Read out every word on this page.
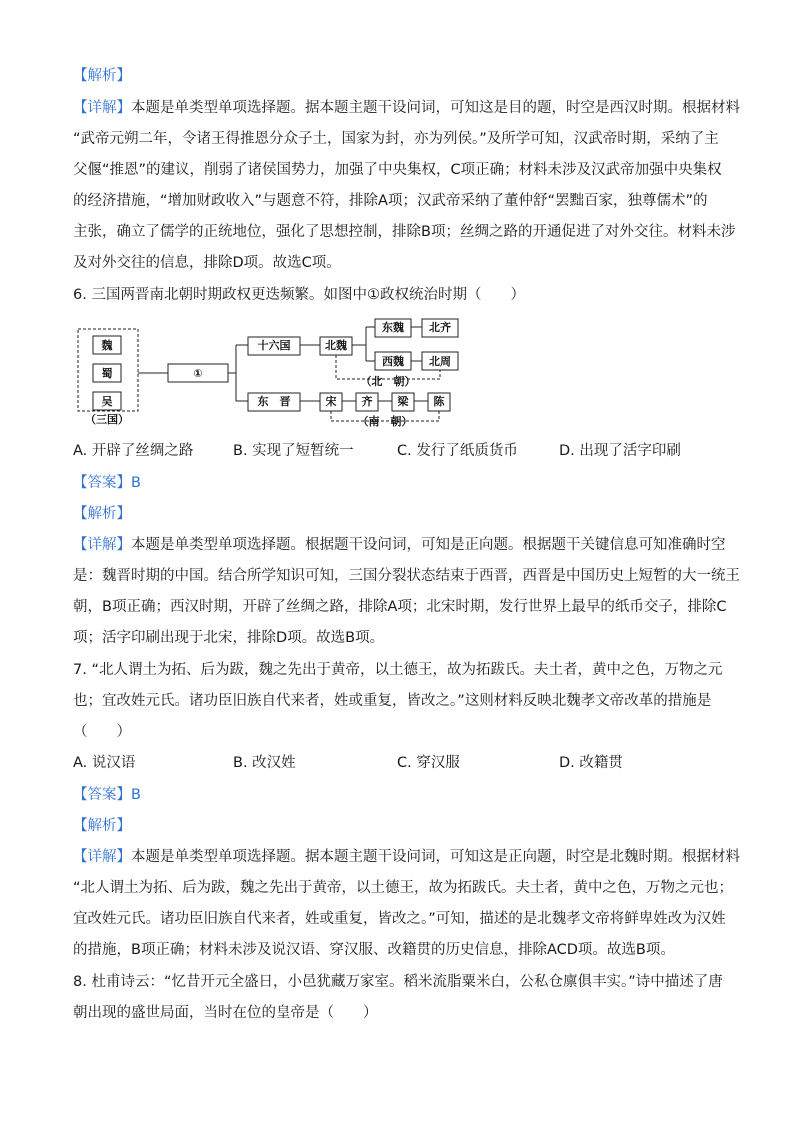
【解析】
【详解】本题是单类型单项选择题。据本题主题干设问词，可知这是目的题，时空是西汉时期。根据材料
“武帝元朔二年，令诸王得推恩分众子土，国家为封，亦为列侯。”及所学可知，汉武帝时期，采纳了主
父偃“推恩”的建议，削弱了诸侯国势力，加强了中央集权，C项正确；材料未涉及汉武帝加强中央集权
的经济措施，“增加财政收入”与题意不符，排除A项；汉武帝采纳了董仲舒“罢黜百家，独尊儒术”的
主张，确立了儒学的正统地位，强化了思想控制，排除B项；丝绸之路的开通促进了对外交往。材料未涉
及对外交往的信息，排除D项。故选C项。
6. 三国两晋南北朝时期政权更迭频繁。如图中①政权统治时期（　　）
魏
蜀
吴
（三国）
①
十六国	北魏
东魏 北齐
西魏 北周
（北　朝）
东　晋	宋 齐 梁 陈
（南　朝）
A. 开辟了丝绸之路	B. 实现了短暂统一	C. 发行了纸质货币	D. 出现了活字印刷
【答案】B
【解析】
【详解】本题是单类型单项选择题。根据题干设问词，可知是正向题。根据题干关键信息可知准确时空
是：魏晋时期的中国。结合所学知识可知，三国分裂状态结束于西晋，西晋是中国历史上短暂的大一统王
朝，B项正确；西汉时期，开辟了丝绸之路，排除A项；北宋时期，发行世界上最早的纸币交子，排除C
项；活字印刷出现于北宋，排除D项。故选B项。
7. “北人谓土为拓、后为跋，魏之先出于黄帝，以土德王，故为拓跋氏。夫土者，黄中之色，万物之元
也；宜改姓元氏。诸功臣旧族自代来者，姓或重复，皆改之。”这则材料反映北魏孝文帝改革的措施是
（　　）
A. 说汉语	B. 改汉姓	C. 穿汉服	D. 改籍贯
【答案】B
【解析】
【详解】本题是单类型单项选择题。据本题主题干设问词，可知这是正向题，时空是北魏时期。根据材料
“北人谓土为拓、后为跋，魏之先出于黄帝，以土德王，故为拓跋氏。夫土者，黄中之色，万物之元也；
宜改姓元氏。诸功臣旧族自代来者，姓或重复，皆改之。”可知，描述的是北魏孝文帝将鲜卑姓改为汉姓
的措施，B项正确；材料未涉及说汉语、穿汉服、改籍贯的历史信息，排除ACD项。故选B项。
8. 杜甫诗云：“忆昔开元全盛日，小邑犹藏万家室。稻米流脂粟米白，公私仓廪俱丰实。”诗中描述了唐
朝出现的盛世局面，当时在位的皇帝是（　　）
